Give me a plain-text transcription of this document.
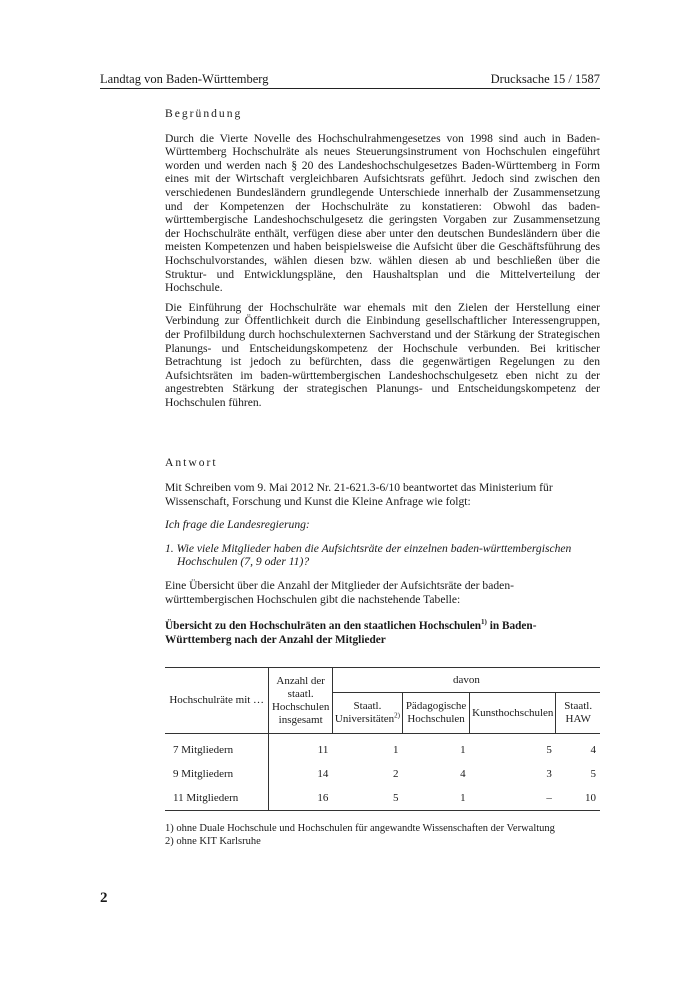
Landtag von Baden-Württemberg	Drucksache 15 / 1587

Begründung

Durch die Vierte Novelle des Hochschulrahmengesetzes von 1998 sind auch in Baden-Württemberg Hochschulräte als neues Steuerungsinstrument von Hochschulen eingeführt worden und werden nach § 20 des Landeshochschulgesetzes Baden-Württemberg in Form eines mit der Wirtschaft vergleichbaren Aufsichtsrats geführt. Jedoch sind zwischen den verschiedenen Bundesländern grundlegende Unterschiede innerhalb der Zusammensetzung und der Kompetenzen der Hochschulräte zu konstatieren: Obwohl das baden-württembergische Landeshochschulgesetz die geringsten Vorgaben zur Zusammensetzung der Hochschulräte enthält, verfügen diese aber unter den deutschen Bundesländern über die meisten Kompetenzen und haben beispielsweise die Aufsicht über die Geschäftsführung des Hochschulvorstandes, wählen diesen bzw. wählen diesen ab und beschließen über die Struktur- und Entwicklungspläne, den Haushaltsplan und die Mittelverteilung der Hochschule.

Die Einführung der Hochschulräte war ehemals mit den Zielen der Herstellung einer Verbindung zur Öffentlichkeit durch die Einbindung gesellschaftlicher Interessengruppen, der Profilbildung durch hochschulexternen Sachverstand und der Stärkung der Strategischen Planungs- und Entscheidungskompetenz der Hochschule verbunden. Bei kritischer Betrachtung ist jedoch zu befürchten, dass die gegenwärtigen Regelungen zu den Aufsichtsräten im baden-württembergischen Landeshochschulgesetz eben nicht zu der angestrebten Stärkung der strategischen Planungs- und Entscheidungskompetenz der Hochschulen führen.

Antwort

Mit Schreiben vom 9. Mai 2012 Nr. 21-621.3-6/10 beantwortet das Ministerium für Wissenschaft, Forschung und Kunst die Kleine Anfrage wie folgt:

Ich frage die Landesregierung:

1. Wie viele Mitglieder haben die Aufsichtsräte der einzelnen baden-württembergischen Hochschulen (7, 9 oder 11)?

Eine Übersicht über die Anzahl der Mitglieder der Aufsichtsräte der baden-württembergischen Hochschulen gibt die nachstehende Tabelle:

Übersicht zu den Hochschulräten an den staatlichen Hochschulen$^{1)}$ in Baden-Württemberg nach der Anzahl der Mitglieder
Hochschulräte mit …	Anzahl der staatl. Hochschulen insgesamt	davon			
		Staatl. Universitäten$^{2)}$	Pädagogische Hochschulen	Kunsthochschulen	Staatl. HAW
7 Mitgliedern	11	1	1	5	4
9 Mitgliedern	14	2	4	3	5
11 Mitgliedern	16	5	1	–	10
1) ohne Duale Hochschule und Hochschulen für angewandte Wissenschaften der Verwaltung
2) ohne KIT Karlsruhe
2
